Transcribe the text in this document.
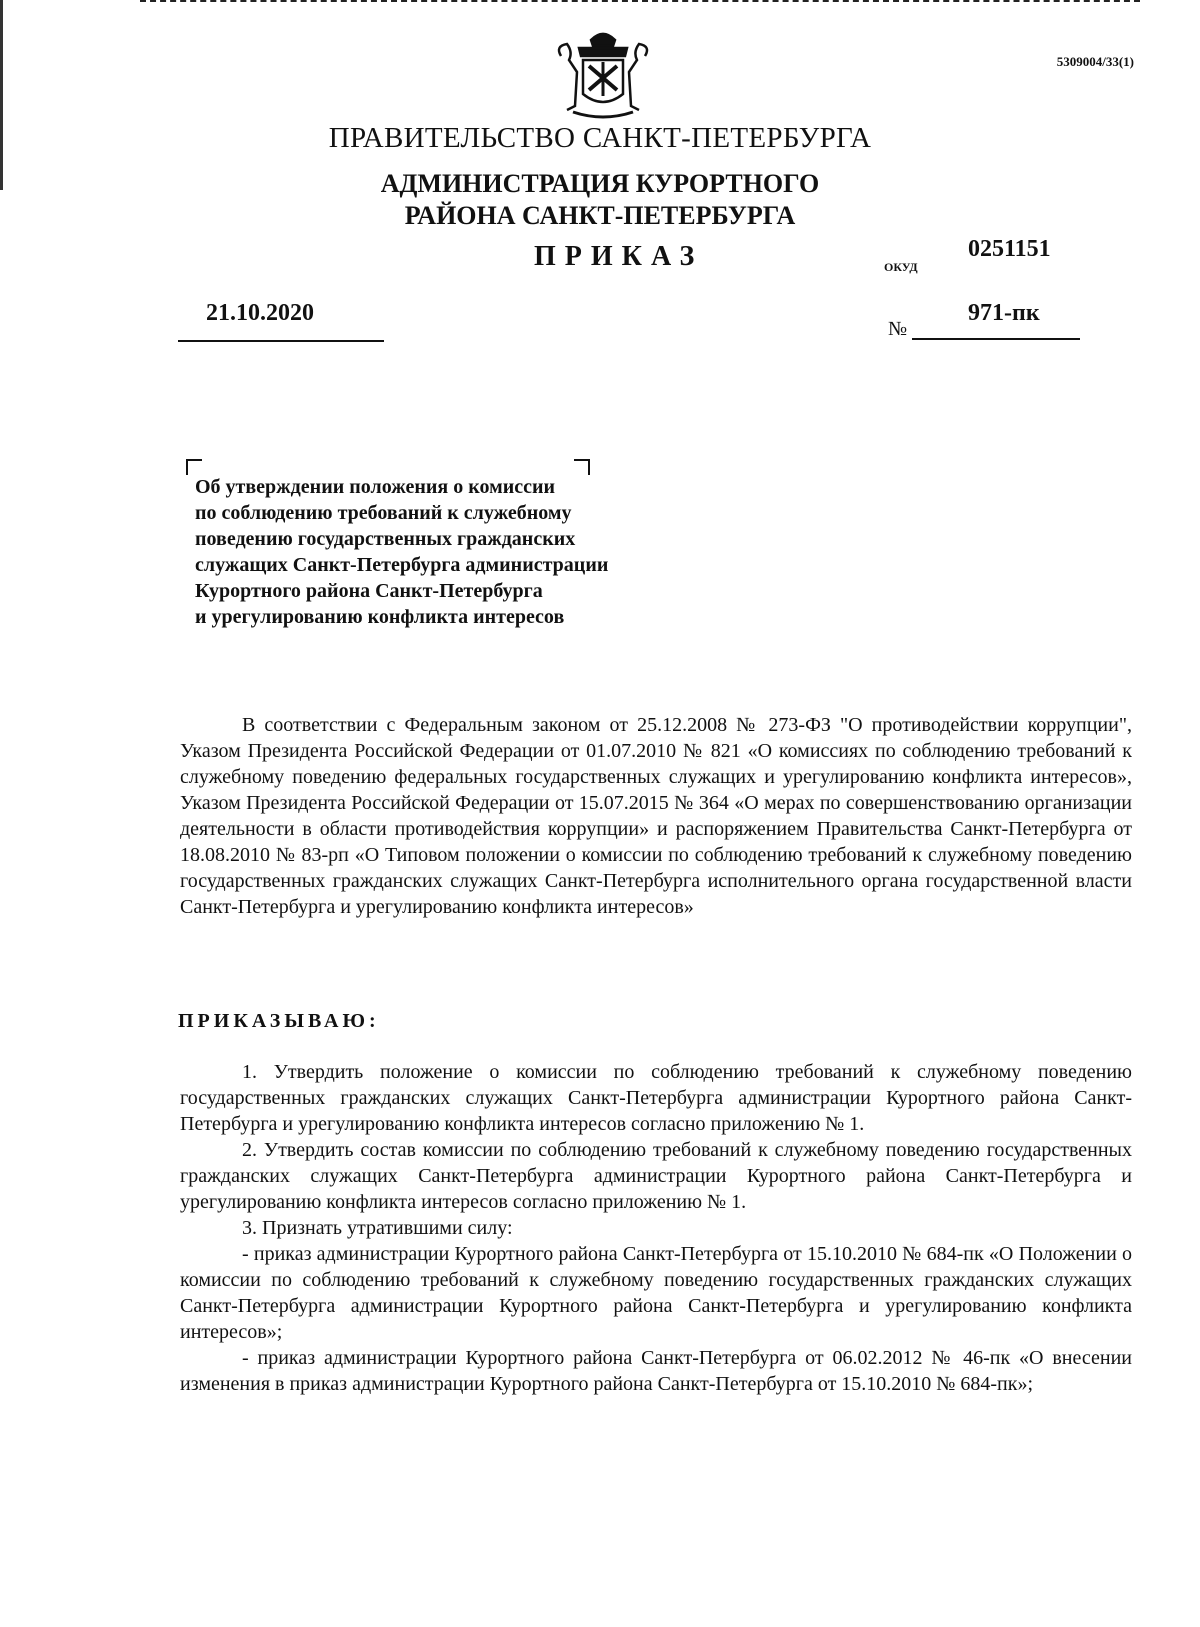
5309004/33(1)
ПРАВИТЕЛЬСТВО САНКТ-ПЕТЕРБУРГА
АДМИНИСТРАЦИЯ КУРОРТНОГО
РАЙОНА САНКТ-ПЕТЕРБУРГА
ПРИКАЗ	ОКУД
0251151
21.10.2020
№
971-пк
Об утверждении положения о комиссии
по соблюдению требований к служебному
поведению государственных гражданских
служащих Санкт-Петербурга администрации
Курортного района Санкт-Петербурга
и урегулированию конфликта интересов

В соответствии с Федеральным законом от 25.12.2008 № 273-ФЗ "О противодействии коррупции", Указом Президента Российской Федерации от 01.07.2010 № 821 «О комиссиях по соблюдению требований к служебному поведению федеральных государственных служащих и урегулированию конфликта интересов», Указом Президента Российской Федерации от 15.07.2015 № 364 «О мерах по совершенствованию организации деятельности в области противодействия коррупции» и распоряжением Правительства Санкт-Петербурга от 18.08.2010 № 83-рп «О Типовом положении о комиссии по соблюдению требований к служебному поведению государственных гражданских служащих Санкт-Петербурга исполнительного органа государственной власти Санкт-Петербурга и урегулированию конфликта интересов»

ПРИКАЗЫВАЮ:

1. Утвердить положение о комиссии по соблюдению требований к служебному поведению государственных гражданских служащих Санкт-Петербурга администрации Курортного района Санкт-Петербурга и урегулированию конфликта интересов согласно приложению № 1.

2. Утвердить состав комиссии по соблюдению требований к служебному поведению государственных гражданских служащих Санкт-Петербурга администрации Курортного района Санкт-Петербурга и урегулированию конфликта интересов согласно приложению № 1.

3. Признать утратившими силу:

- приказ администрации Курортного района Санкт-Петербурга от 15.10.2010 № 684-пк «О Положении о комиссии по соблюдению требований к служебному поведению государственных гражданских служащих Санкт-Петербурга администрации Курортного района Санкт-Петербурга и урегулированию конфликта интересов»;

- приказ администрации Курортного района Санкт-Петербурга от 06.02.2012 № 46-пк «О внесении изменения в приказ администрации Курортного района Санкт-Петербурга от 15.10.2010 № 684-пк»;
